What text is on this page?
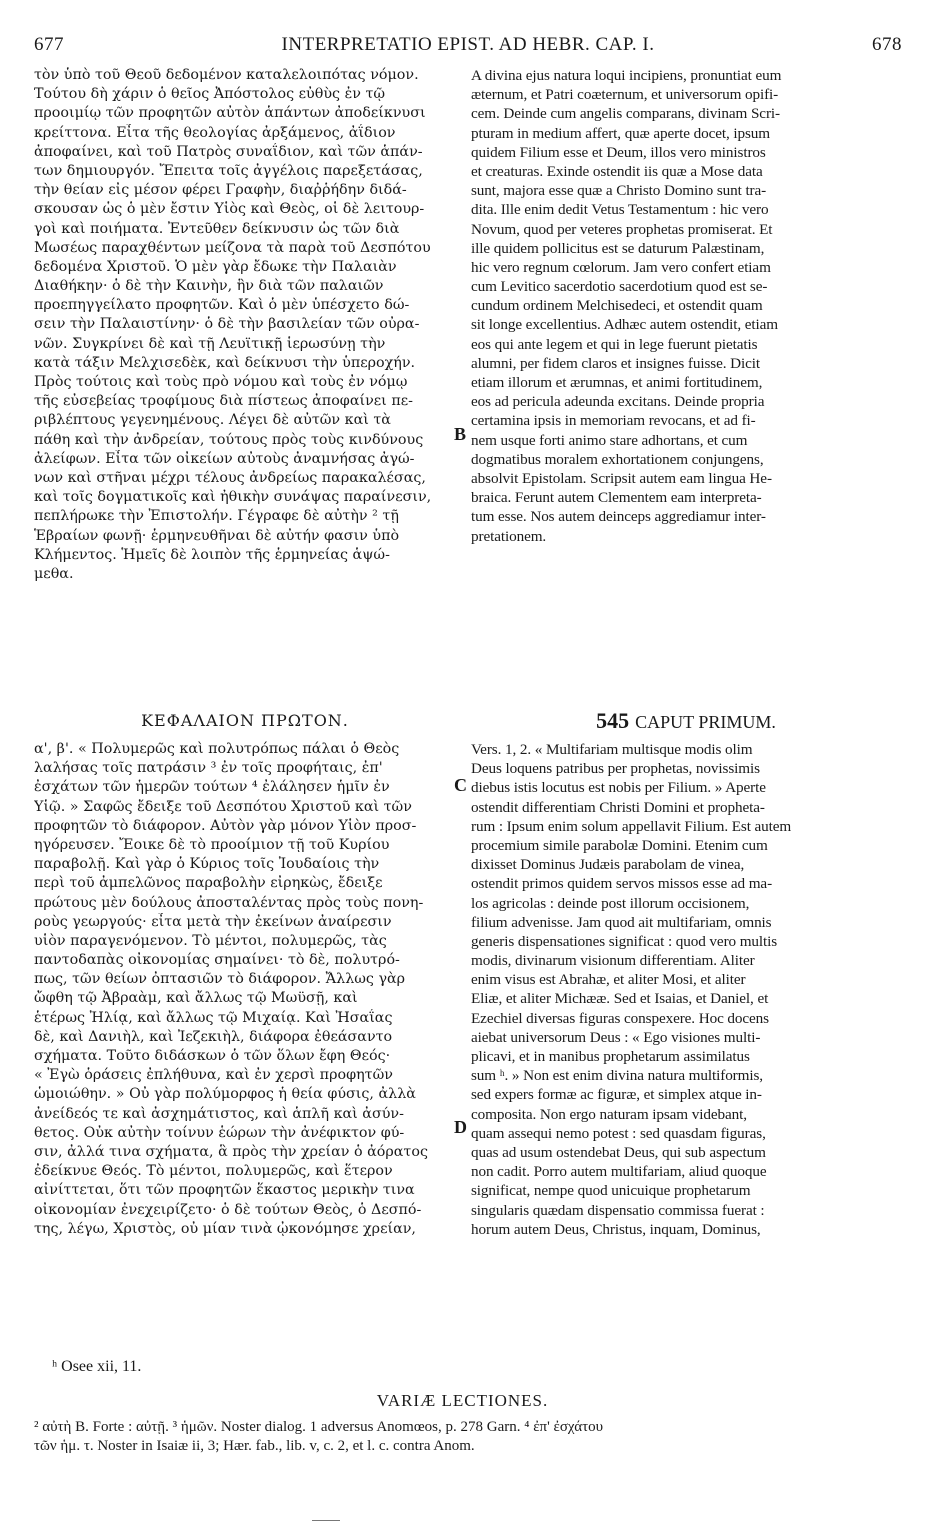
677	INTERPRETATIO EPIST. AD HEBR. CAP. I.	678
τὸν ὑπὸ τοῦ Θεοῦ δεδομένον καταλελοιπότας νόμον.
Τούτου δὴ χάριν ὁ θεῖος Ἀπόστολος εὐθὺς ἐν τῷ
προοιμίῳ τῶν προφητῶν αὐτὸν ἁπάντων ἀποδείκνυσι
κρείττονα. Εἶτα τῆς θεολογίας ἀρξάμενος, ἀΐδιον
ἀποφαίνει, καὶ τοῦ Πατρὸς συναΐδιον, καὶ τῶν ἁπάν-
των δημιουργόν. Ἔπειτα τοῖς ἀγγέλοις παρεξετάσας,
τὴν θείαν εἰς μέσον φέρει Γραφὴν, διαῤῥήδην διδά-
σκουσαν ὡς ὁ μὲν ἔστιν Υἱὸς καὶ Θεὸς, οἱ δὲ λειτουρ-
γοὶ καὶ ποιήματα. Ἐντεῦθεν δείκνυσιν ὡς τῶν διὰ
Μωσέως παραχθέντων μείζονα τὰ παρὰ τοῦ Δεσπότου
δεδομένα Χριστοῦ. Ὁ μὲν γὰρ ἔδωκε τὴν Παλαιὰν
Διαθήκην· ὁ δὲ τὴν Καινὴν, ἣν διὰ τῶν παλαιῶν
προεπηγγείλατο προφητῶν. Καὶ ὁ μὲν ὑπέσχετο δώ-
σειν τὴν Παλαιστίνην· ὁ δὲ τὴν βασιλείαν τῶν οὐρα-
νῶν. Συγκρίνει δὲ καὶ τῇ Λευϊτικῇ ἱερωσύνῃ τὴν
κατὰ τάξιν Μελχισεδὲκ, καὶ δείκνυσι τὴν ὑπεροχήν.
Πρὸς τούτοις καὶ τοὺς πρὸ νόμου καὶ τοὺς ἐν νόμῳ
τῆς εὐσεβείας τροφίμους διὰ πίστεως ἀποφαίνει πε-
ριβλέπτους γεγενημένους. Λέγει δὲ αὐτῶν καὶ τὰ
πάθη καὶ τὴν ἀνδρείαν, τούτους πρὸς τοὺς κινδύνους
ἀλείφων. Εἶτα τῶν οἰκείων αὐτοὺς ἀναμνήσας ἀγώ-
νων καὶ στῆναι μέχρι τέλους ἀνδρείως παρακαλέσας,
καὶ τοῖς δογματικοῖς καὶ ἠθικὴν συνάψας παραίνεσιν,
πεπλήρωκε τὴν Ἐπιστολήν. Γέγραφε δὲ αὐτὴν ² τῇ
Ἑβραίων φωνῇ· ἑρμηνευθῆναι δὲ αὐτήν φασιν ὑπὸ
Κλήμεντος. Ἡμεῖς δὲ λοιπὸν τῆς ἑρμηνείας ἁψώ-
μεθα.
A divina ejus natura loqui incipiens, pronuntiat eum
æternum, et Patri coæternum, et universorum opifi-
cem. Deinde cum angelis comparans, divinam Scri-
pturam in medium affert, quæ aperte docet, ipsum
quidem Filium esse et Deum, illos vero ministros
et creaturas. Exinde ostendit iis quæ a Mose data
sunt, majora esse quæ a Christo Domino sunt tra-
dita. Ille enim dedit Vetus Testamentum : hic vero
Novum, quod per veteres prophetas promiserat. Et
ille quidem pollicitus est se daturum Palæstinam,
hic vero regnum cœlorum. Jam vero confert etiam
cum Levitico sacerdotio sacerdotium quod est se-
cundum ordinem Melchisedeci, et ostendit quam
sit longe excellentius. Adhæc autem ostendit, etiam
eos qui ante legem et qui in lege fuerunt pietatis
alumni, per fidem claros et insignes fuisse. Dicit
etiam illorum et ærumnas, et animi fortitudinem,
eos ad pericula adeunda excitans. Deinde propria
certamina ipsis in memoriam revocans, et ad fi-
nem usque forti animo stare adhortans, et cum
dogmatibus moralem exhortationem conjungens,
absolvit Epistolam. Scripsit autem eam lingua He-
braica. Ferunt autem Clementem eam interpreta-
tum esse. Nos autem deinceps aggrediamur inter-
pretationem.
B
C
D
ΚΕΦΑΛΑΙΟΝ ΠΡΩΤΟΝ.	545 CAPUT PRIMUM.
α', β'. « Πολυμερῶς καὶ πολυτρόπως πάλαι ὁ Θεὸς
λαλήσας τοῖς πατράσιν ³ ἐν τοῖς προφήταις, ἐπ'
ἐσχάτων τῶν ἡμερῶν τούτων ⁴ ἐλάλησεν ἡμῖν ἐν
Υἱῷ. » Σαφῶς ἔδειξε τοῦ Δεσπότου Χριστοῦ καὶ τῶν
προφητῶν τὸ διάφορον. Αὐτὸν γὰρ μόνον Υἱὸν προσ-
ηγόρευσεν. Ἔοικε δὲ τὸ προοίμιον τῇ τοῦ Κυρίου
παραβολῇ. Καὶ γὰρ ὁ Κύριος τοῖς Ἰουδαίοις τὴν
περὶ τοῦ ἀμπελῶνος παραβολὴν εἰρηκὼς, ἔδειξε
πρώτους μὲν δούλους ἀποσταλέντας πρὸς τοὺς πονη-
ροὺς γεωργούς· εἶτα μετὰ τὴν ἐκείνων ἀναίρεσιν
υἱὸν παραγενόμενον. Τὸ μέντοι, πολυμερῶς, τὰς
παντοδαπὰς οἰκονομίας σημαίνει· τὸ δὲ, πολυτρό-
πως, τῶν θείων ὀπτασιῶν τὸ διάφορον. Ἄλλως γὰρ
ὤφθη τῷ Ἀβραὰμ, καὶ ἄλλως τῷ Μωϋσῇ, καὶ
ἑτέρως Ἠλίᾳ, καὶ ἄλλως τῷ Μιχαίᾳ. Καὶ Ἠσαΐας
δὲ, καὶ Δανιὴλ, καὶ Ἰεζεκιὴλ, διάφορα ἐθεάσαντο
σχήματα. Τοῦτο διδάσκων ὁ τῶν ὅλων ἔφη Θεός·
« Ἐγὼ ὁράσεις ἐπλήθυνα, καὶ ἐν χερσὶ προφητῶν
ὡμοιώθην. » Οὐ γὰρ πολύμορφος ἡ θεία φύσις, ἀλλὰ
ἀνείδεός τε καὶ ἀσχημάτιστος, καὶ ἁπλῆ καὶ ἀσύν-
θετος. Οὐκ αὐτὴν τοίνυν ἑώρων τὴν ἀνέφικτον φύ-
σιν, ἀλλά τινα σχήματα, ἃ πρὸς τὴν χρείαν ὁ ἀόρατος
ἐδείκνυε Θεός. Τὸ μέντοι, πολυμερῶς, καὶ ἕτερον
αἰνίττεται, ὅτι τῶν προφητῶν ἕκαστος μερικὴν τινα
οἰκονομίαν ἐνεχειρίζετο· ὁ δὲ τούτων Θεὸς, ὁ Δεσπό-
της, λέγω, Χριστὸς, οὐ μίαν τινὰ ᾠκονόμησε χρείαν,
Vers. 1, 2. « Multifariam multisque modis olim
Deus loquens patribus per prophetas, novissimis
diebus istis locutus est nobis per Filium. » Aperte
ostendit differentiam Christi Domini et propheta-
rum : Ipsum enim solum appellavit Filium. Est autem
procemium simile parabolæ Domini. Etenim cum
dixisset Dominus Judæis parabolam de vinea,
ostendit primos quidem servos missos esse ad ma-
los agricolas : deinde post illorum occisionem,
filium advenisse. Jam quod ait multifariam, omnis
generis dispensationes significat : quod vero multis
modis, divinarum visionum differentiam. Aliter
enim visus est Abrahæ, et aliter Mosi, et aliter
Eliæ, et aliter Michææ. Sed et Isaias, et Daniel, et
Ezechiel diversas figuras conspexere. Hoc docens
aiebat universorum Deus : « Ego visiones multi-
plicavi, et in manibus prophetarum assimilatus
sum ʰ. » Non est enim divina natura multiformis,
sed expers formæ ac figuræ, et simplex atque in-
composita. Non ergo naturam ipsam videbant,
quam assequi nemo potest : sed quasdam figuras,
quas ad usum ostendebat Deus, qui sub aspectum
non cadit. Porro autem multifariam, aliud quoque
significat, nempe quod unicuique prophetarum
singularis quædam dispensatio commissa fuerat :
horum autem Deus, Christus, inquam, Dominus,
ʰ Osee xii, 11.
VARIÆ LECTIONES.
² αὐτὴ B. Forte : αὐτῇ. ³ ἡμῶν. Noster dialog. 1 adversus Anomœos, p. 278 Garn. ⁴ ἐπ' ἐσχάτου
τῶν ἡμ. τ. Noster in Isaiæ ii, 3; Hær. fab., lib. v, c. 2, et l. c. contra Anom.
